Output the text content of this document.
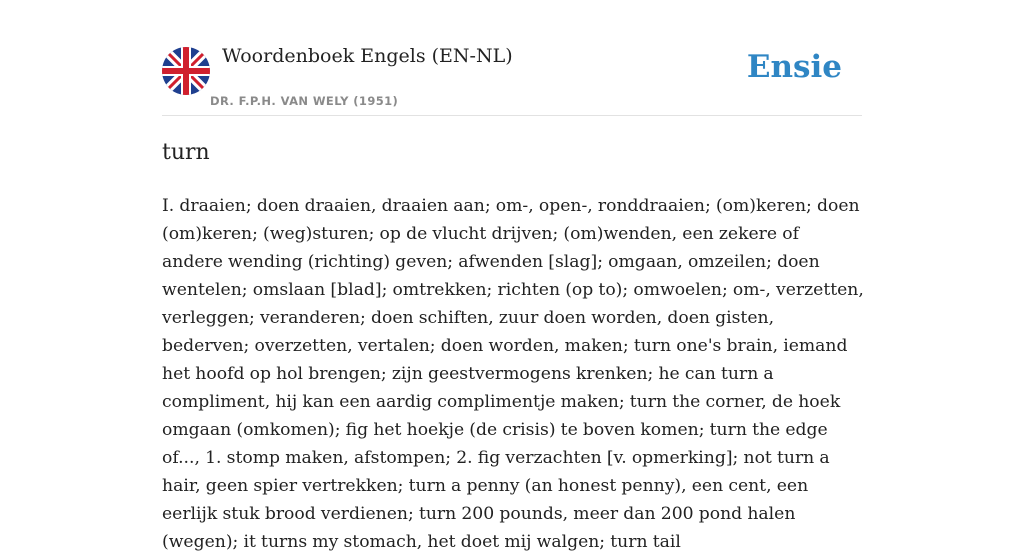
Woordenboek Engels (EN-NL)
DR. F.P.H. VAN WELY (1951)
Ensie
turn

I. draaien; doen draaien, draaien aan; om-, open-, ronddraaien; (om)keren; doen (om)keren; (weg)sturen; op de vlucht drijven; (om)wenden, een zekere of andere wending (richting) geven; afwenden [slag]; omgaan, omzeilen; doen wentelen; omslaan [blad]; omtrekken; richten (op to); omwoelen; om-, verzetten, verleggen; veranderen; doen schiften, zuur doen worden, doen gisten, bederven; overzetten, vertalen; doen worden, maken; turn one's brain, iemand het hoofd op hol brengen; zijn geestvermogens krenken; he can turn a compliment, hij kan een aardig complimentje maken; turn the corner, de hoek omgaan (omkomen); fig het hoekje (de crisis) te boven komen; turn the edge of..., 1. stomp maken, afstompen; 2. fig verzachten [v. opmerking]; not turn a hair, geen spier vertrekken; turn a penny (an honest penny), een cent, een eerlijk stuk brood verdienen; turn 200 pounds, meer dan 200 pond halen (wegen); it turns my stomach, het doet mij walgen; turn tail
